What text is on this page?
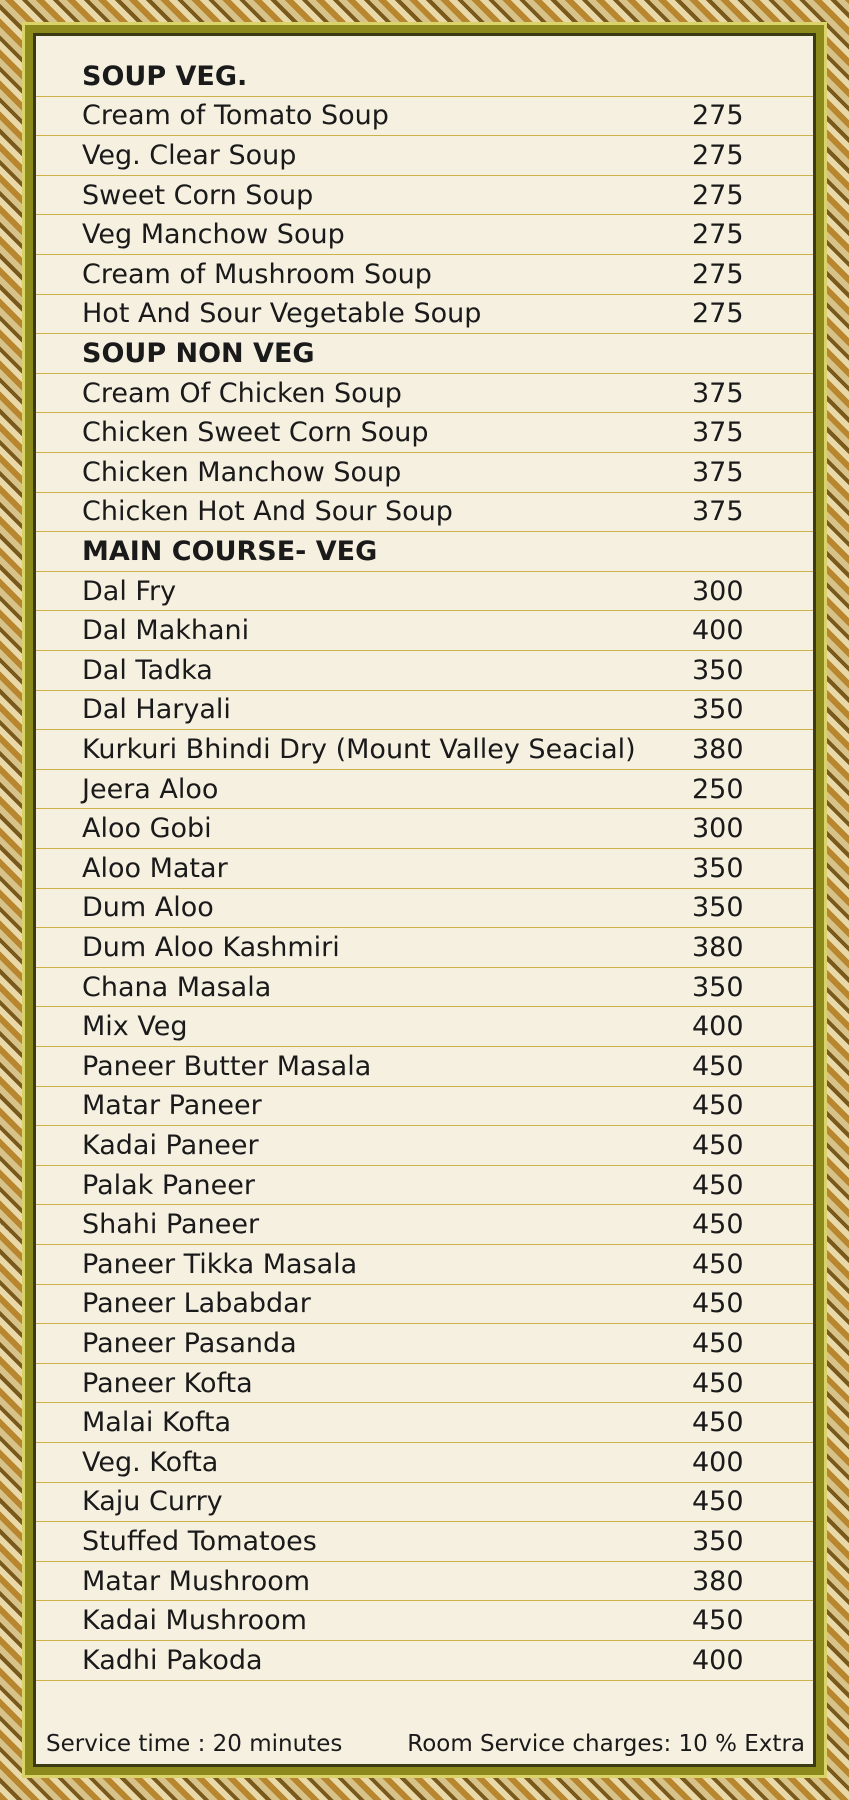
SOUP VEG.
Cream of Tomato Soup	275
Veg. Clear Soup	275
Sweet Corn Soup	275
Veg Manchow Soup	275
Cream of Mushroom Soup	275
Hot And Sour Vegetable Soup	275
SOUP NON VEG
Cream Of Chicken Soup	375
Chicken Sweet Corn Soup	375
Chicken Manchow Soup	375
Chicken Hot And Sour Soup	375
MAIN COURSE- VEG
Dal Fry	300
Dal Makhani	400
Dal Tadka	350
Dal Haryali	350
Kurkuri Bhindi Dry (Mount Valley Seacial) 380
Jeera Aloo	250
Aloo Gobi	300
Aloo Matar	350
Dum Aloo	350
Dum Aloo Kashmiri	380
Chana Masala	350
Mix Veg	400
Paneer Butter Masala	450
Matar Paneer	450
Kadai Paneer	450
Palak Paneer	450
Shahi Paneer	450
Paneer Tikka Masala	450
Paneer Lababdar	450
Paneer Pasanda	450
Paneer Kofta	450
Malai Kofta	450
Veg. Kofta	400
Kaju Curry	450
Stuffed Tomatoes	350
Matar Mushroom	380
Kadai Mushroom	450
Kadhi Pakoda	400
Service time : 20 minutes	Room Service charges: 10 % Extra
